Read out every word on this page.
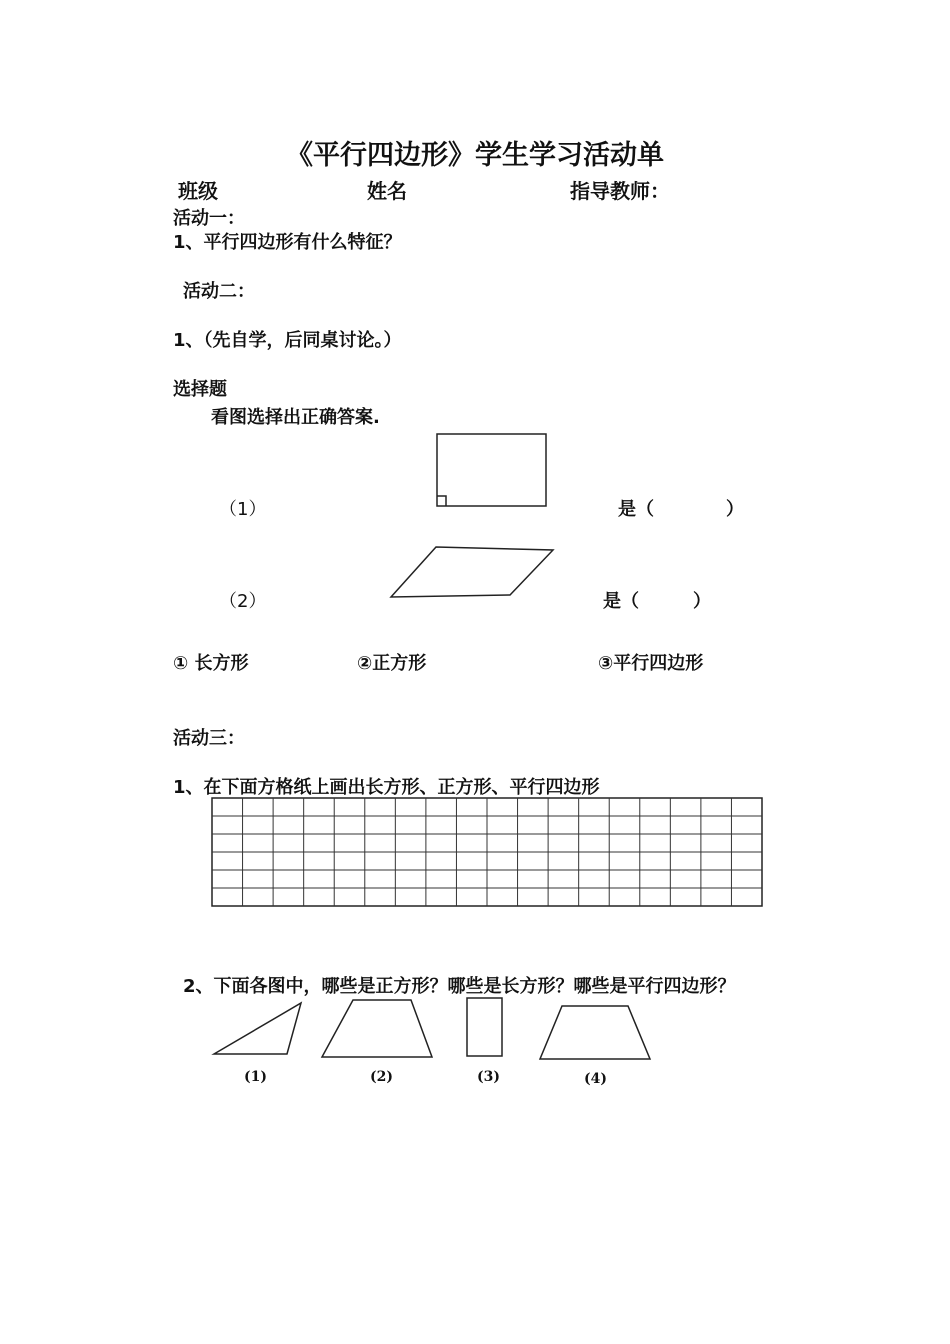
《平行四边形》学生学习活动单
班级	姓名	指导教师：
活动一：
1、平行四边形有什么特征？
活动二：
1、（先自学，后同桌讨论。）
选择题
看图选择出正确答案.
（1）	是（　　　　）
（2）	是（　　　）
① 长方形	②正方形	③平行四边形
活动三：
1、在下面方格纸上画出长方形、正方形、平行四边形
2、下面各图中，哪些是正方形？哪些是长方形？哪些是平行四边形？
(1)	(2)	(3)	(4)
